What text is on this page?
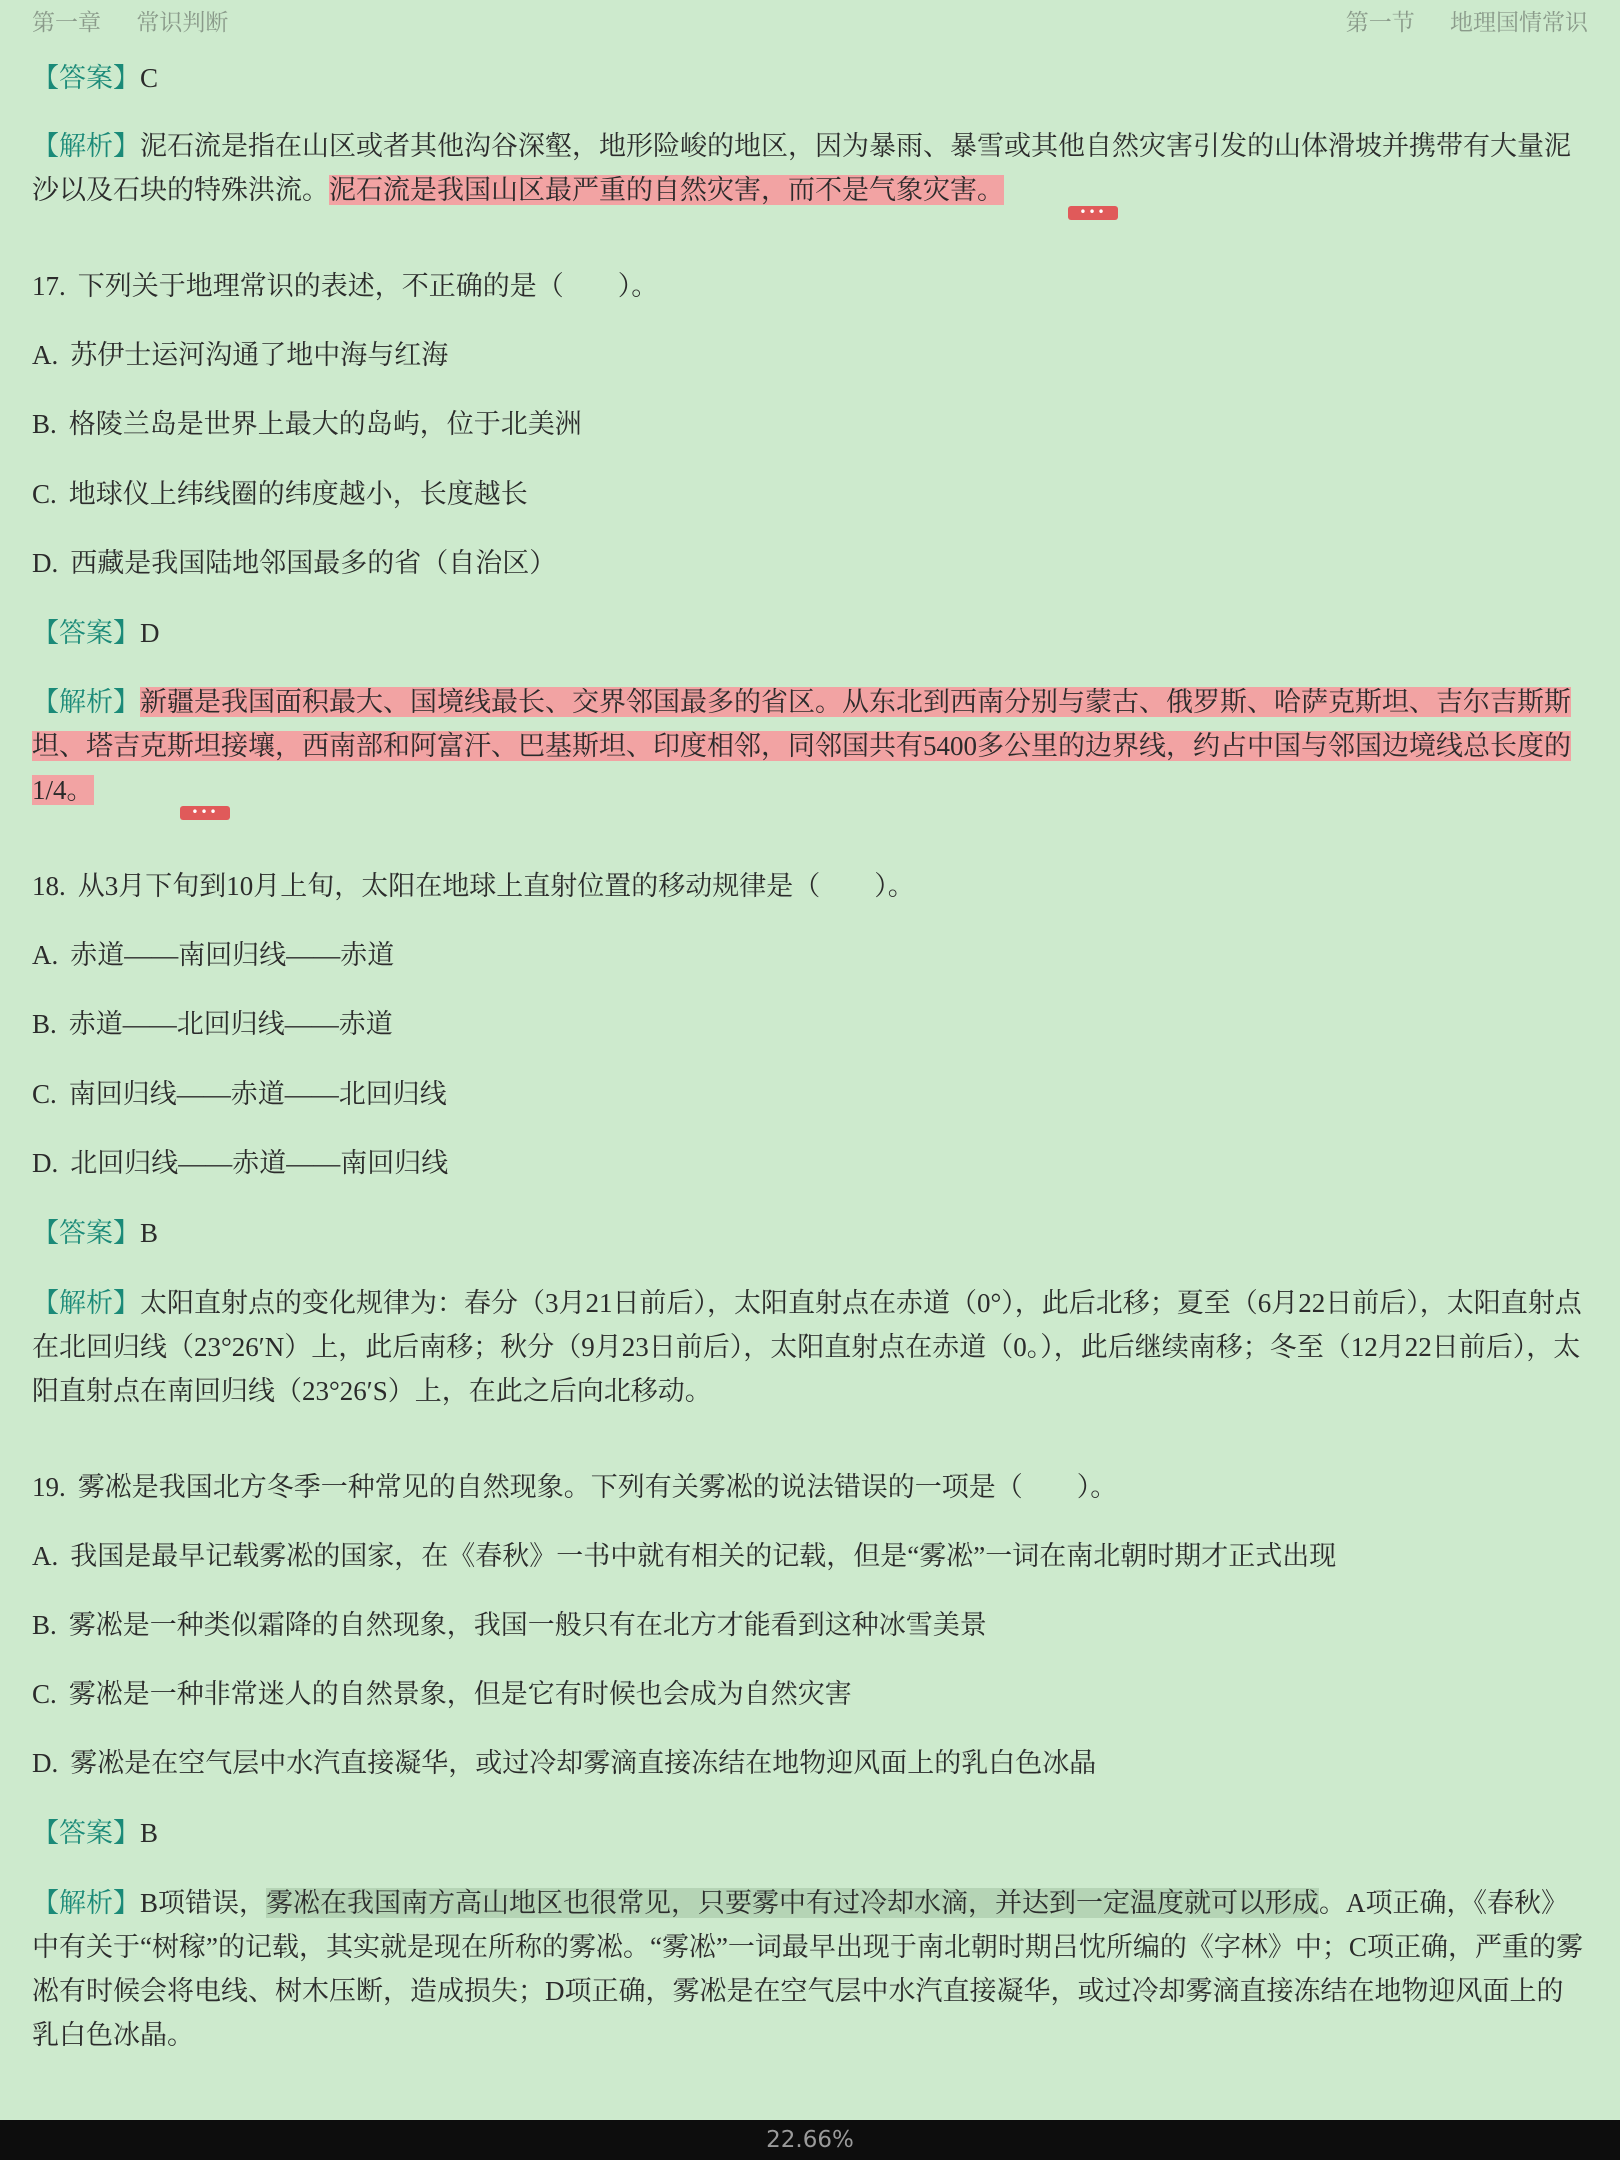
第一章 常识判断	第一节 地理国情常识
【答案】C
【解析】泥石流是指在山区或者其他沟谷深壑，地形险峻的地区，因为暴雨、暴雪或其他自然灾害引发的山体滑坡并携带有大量泥沙以及石块的特殊洪流。泥石流是我国山区最严重的自然灾害，而不是气象灾害。
•••
17. 下列关于地理常识的表述，不正确的是（　　）。
A. 苏伊士运河沟通了地中海与红海
B. 格陵兰岛是世界上最大的岛屿，位于北美洲
C. 地球仪上纬线圈的纬度越小，长度越长
D. 西藏是我国陆地邻国最多的省（自治区）
【答案】D
【解析】新疆是我国面积最大、国境线最长、交界邻国最多的省区。从东北到西南分别与蒙古、俄罗斯、哈萨克斯坦、吉尔吉斯斯坦、塔吉克斯坦接壤，西南部和阿富汗、巴基斯坦、印度相邻，同邻国共有5400多公里的边界线，约占中国与邻国边境线总长度的1/4。
•••
18. 从3月下旬到10月上旬，太阳在地球上直射位置的移动规律是（　　）。
A. 赤道——南回归线——赤道
B. 赤道——北回归线——赤道
C. 南回归线——赤道——北回归线
D. 北回归线——赤道——南回归线
【答案】B
【解析】太阳直射点的变化规律为：春分（3月21日前后），太阳直射点在赤道（0°），此后北移；夏至（6月22日前后），太阳直射点在北回归线（23°26′N）上，此后南移；秋分（9月23日前后），太阳直射点在赤道（0。），此后继续南移；冬至（12月22日前后），太阳直射点在南回归线（23°26′S）上，在此之后向北移动。
19. 雾凇是我国北方冬季一种常见的自然现象。下列有关雾凇的说法错误的一项是（　　）。
A. 我国是最早记载雾凇的国家，在《春秋》一书中就有相关的记载，但是“雾凇”一词在南北朝时期才正式出现
B. 雾凇是一种类似霜降的自然现象，我国一般只有在北方才能看到这种冰雪美景
C. 雾凇是一种非常迷人的自然景象，但是它有时候也会成为自然灾害
D. 雾凇是在空气层中水汽直接凝华，或过冷却雾滴直接冻结在地物迎风面上的乳白色冰晶
【答案】B
【解析】B项错误，雾凇在我国南方高山地区也很常见，只要雾中有过冷却水滴，并达到一定温度就可以形成。A项正确，《春秋》中有关于“树稼”的记载，其实就是现在所称的雾凇。“雾凇”一词最早出现于南北朝时期吕忱所编的《字林》中；C项正确，严重的雾凇有时候会将电线、树木压断，造成损失；D项正确，雾凇是在空气层中水汽直接凝华，或过冷却雾滴直接冻结在地物迎风面上的乳白色冰晶。
22.66%
